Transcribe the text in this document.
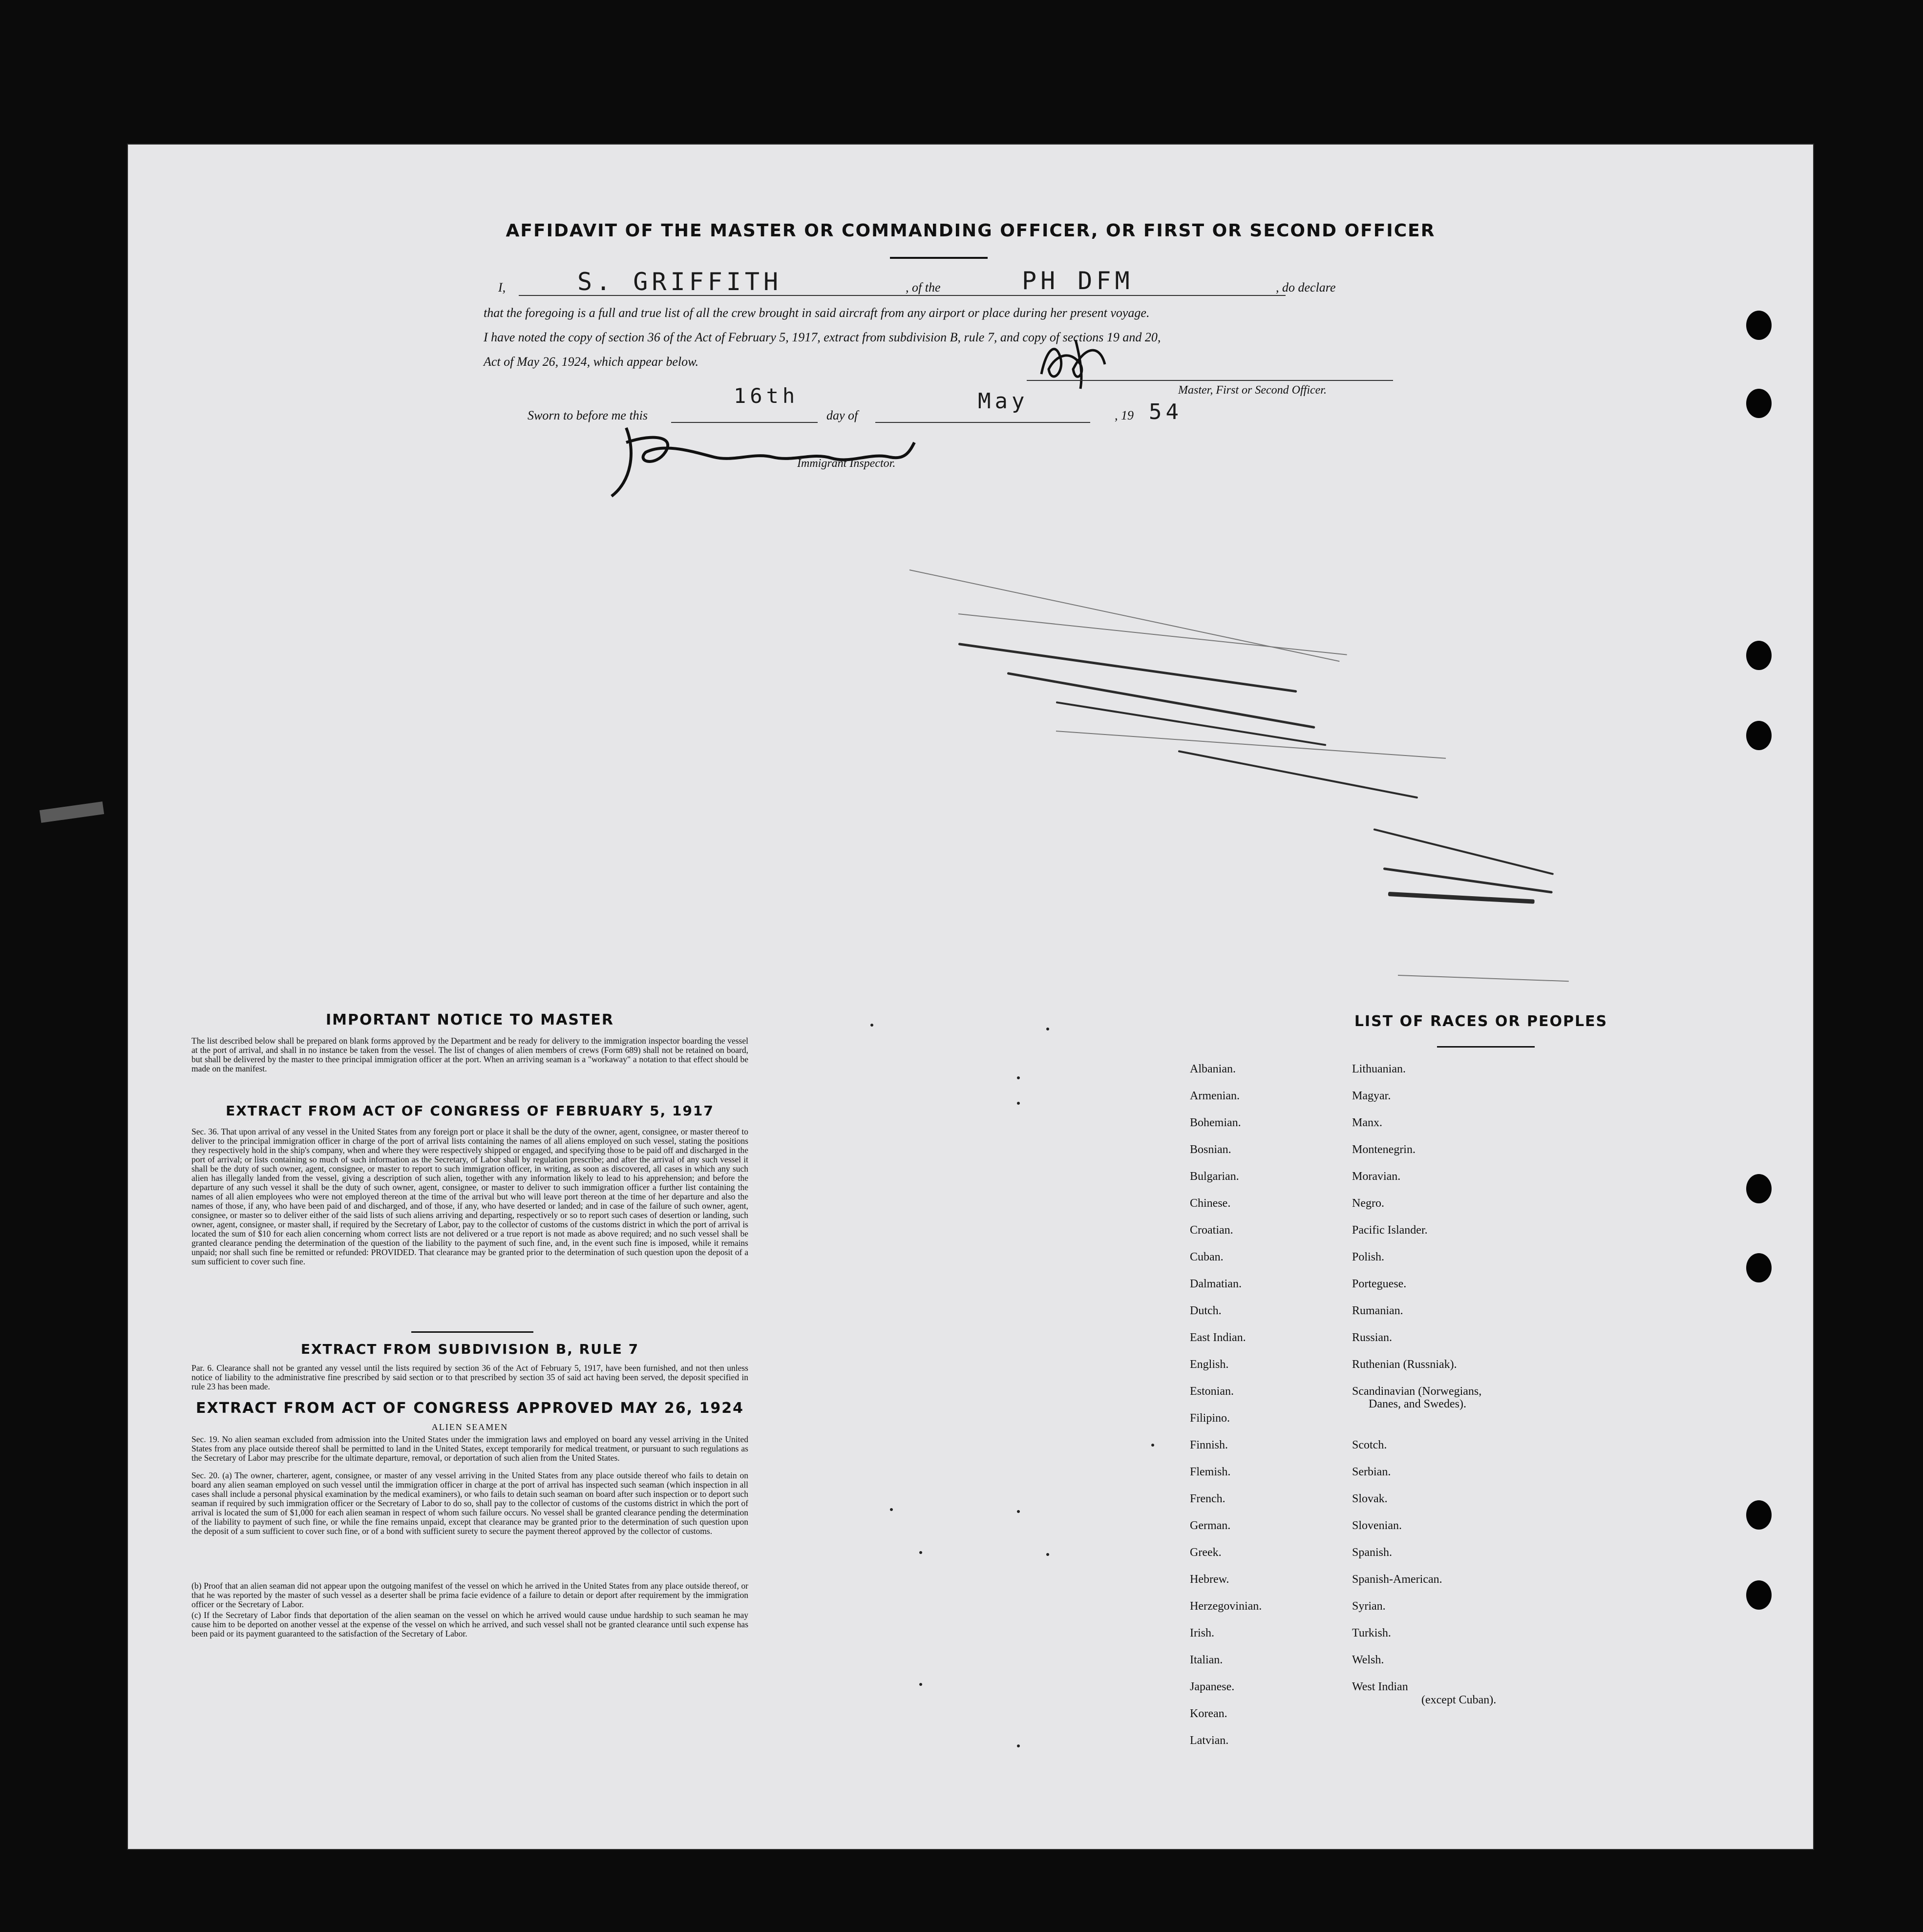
AFFIDAVIT OF THE MASTER OR COMMANDING OFFICER, OR FIRST OR SECOND OFFICER
I,	S. GRIFFITH	, of the	PH DFM	, do declare
that the foregoing is a full and true list of all the crew brought in said aircraft from any airport or place during her present voyage.
I have noted the copy of section 36 of the Act of February 5, 1917, extract from subdivision B, rule 7, and copy of sections 19 and 20,
Act of May 26, 1924, which appear below.
Master, First or Second Officer.
Sworn to before me this
16th
day of
May
, 19 54
Immigrant Inspector.
IMPORTANT NOTICE TO MASTER
The list described below shall be prepared on blank forms approved by the Department and be ready for delivery to the immigration inspector boarding the vessel at the port of arrival, and shall in no instance be taken from the vessel. The list of changes of alien members of crews (Form 689) shall not be retained on board, but shall be delivered by the master to thee principal immigration officer at the port. When an arriving seaman is a "workaway" a notation to that effect should be made on the manifest.
EXTRACT FROM ACT OF CONGRESS OF FEBRUARY 5, 1917
Sec. 36. That upon arrival of any vessel in the United States from any foreign port or place it shall be the duty of the owner, agent, consignee, or master thereof to deliver to the principal immigration officer in charge of the port of arrival lists containing the names of all aliens employed on such vessel, stating the positions they respectively hold in the ship's company, when and where they were respectively shipped or engaged, and specifying those to be paid off and discharged in the port of arrival; or lists containing so much of such information as the Secretary, of Labor shall by regulation prescribe; and after the arrival of any such vessel it shall be the duty of such owner, agent, consignee, or master to report to such immigration officer, in writing, as soon as discovered, all cases in which any such alien has illegally landed from the vessel, giving a description of such alien, together with any information likely to lead to his apprehension; and before the departure of any such vessel it shall be the duty of such owner, agent, consignee, or master to deliver to such immigration officer a further list containing the names of all alien employees who were not employed thereon at the time of the arrival but who will leave port thereon at the time of her departure and also the names of those, if any, who have been paid of and discharged, and of those, if any, who have deserted or landed; and in case of the failure of such owner, agent, consignee, or master so to deliver either of the said lists of such aliens arriving and departing, respectively or so to report such cases of desertion or landing, such owner, agent, consignee, or master shall, if required by the Secretary of Labor, pay to the collector of customs of the customs district in which the port of arrival is located the sum of $10 for each alien concerning whom correct lists are not delivered or a true report is not made as above required; and no such vessel shall be granted clearance pending the determination of the question of the liability to the payment of such fine, and, in the event such fine is imposed, while it remains unpaid; nor shall such fine be remitted or refunded: PROVIDED. That clearance may be granted prior to the determination of such question upon the deposit of a sum sufficient to cover such fine.
EXTRACT FROM SUBDIVISION B, RULE 7
Par. 6. Clearance shall not be granted any vessel until the lists required by section 36 of the Act of February 5, 1917, have been furnished, and not then unless notice of liability to the administrative fine prescribed by said section or to that prescribed by section 35 of said act having been served, the deposit specified in rule 23 has been made.
EXTRACT FROM ACT OF CONGRESS APPROVED MAY 26, 1924
ALIEN SEAMEN
Sec. 19. No alien seaman excluded from admission into the United States under the immigration laws and employed on board any vessel arriving in the United States from any place outside thereof shall be permitted to land in the United States, except temporarily for medical treatment, or pursuant to such regulations as the Secretary of Labor may prescribe for the ultimate departure, removal, or deportation of such alien from the United States.
Sec. 20. (a) The owner, charterer, agent, consignee, or master of any vessel arriving in the United States from any place outside thereof who fails to detain on board any alien seaman employed on such vessel until the immigration officer in charge at the port of arrival has inspected such seaman (which inspection in all cases shall include a personal physical examination by the medical examiners), or who fails to detain such seaman on board after such inspection or to deport such seaman if required by such immigration officer or the Secretary of Labor to do so, shall pay to the collector of customs of the customs district in which the port of arrival is located the sum of $1,000 for each alien seaman in respect of whom such failure occurs. No vessel shall be granted clearance pending the determination of the liability to payment of such fine, or while the fine remains unpaid, except that clearance may be granted prior to the determination of such question upon the deposit of a sum sufficient to cover such fine, or of a bond with sufficient surety to secure the payment thereof approved by the collector of customs.
(b) Proof that an alien seaman did not appear upon the outgoing manifest of the vessel on which he arrived in the United States from any place outside thereof, or that he was reported by the master of such vessel as a deserter shall be prima facie evidence of a failure to detain or deport after requirement by the immigration officer or the Secretary of Labor.
(c) If the Secretary of Labor finds that deportation of the alien seaman on the vessel on which he arrived would cause undue hardship to such seaman he may cause him to be deported on another vessel at the expense of the vessel on which he arrived, and such vessel shall not be granted clearance until such expense has been paid or its payment guaranteed to the satisfaction of the Secretary of Labor.
LIST OF RACES OR PEOPLES
Albanian.
Armenian.
Bohemian.
Bosnian.
Bulgarian.
Chinese.
Croatian.
Cuban.
Dalmatian.
Dutch.
East Indian.
English.
Estonian.
Filipino.
Finnish.
Flemish.
French.
German.
Greek.
Hebrew.
Herzegovinian.
Irish.
Italian.
Japanese.
Korean.
Latvian.
Lithuanian.
Magyar.
Manx.
Montenegrin.
Moravian.
Negro.
Pacific Islander.
Polish.
Porteguese.
Rumanian.
Russian.
Ruthenian (Russniak).
Scandinavian (Norwegians,
Danes, and Swedes).
Scotch.
Serbian.
Slovak.
Slovenian.
Spanish.
Spanish-American.
Syrian.
Turkish.
Welsh.
West Indian
(except Cuban).
